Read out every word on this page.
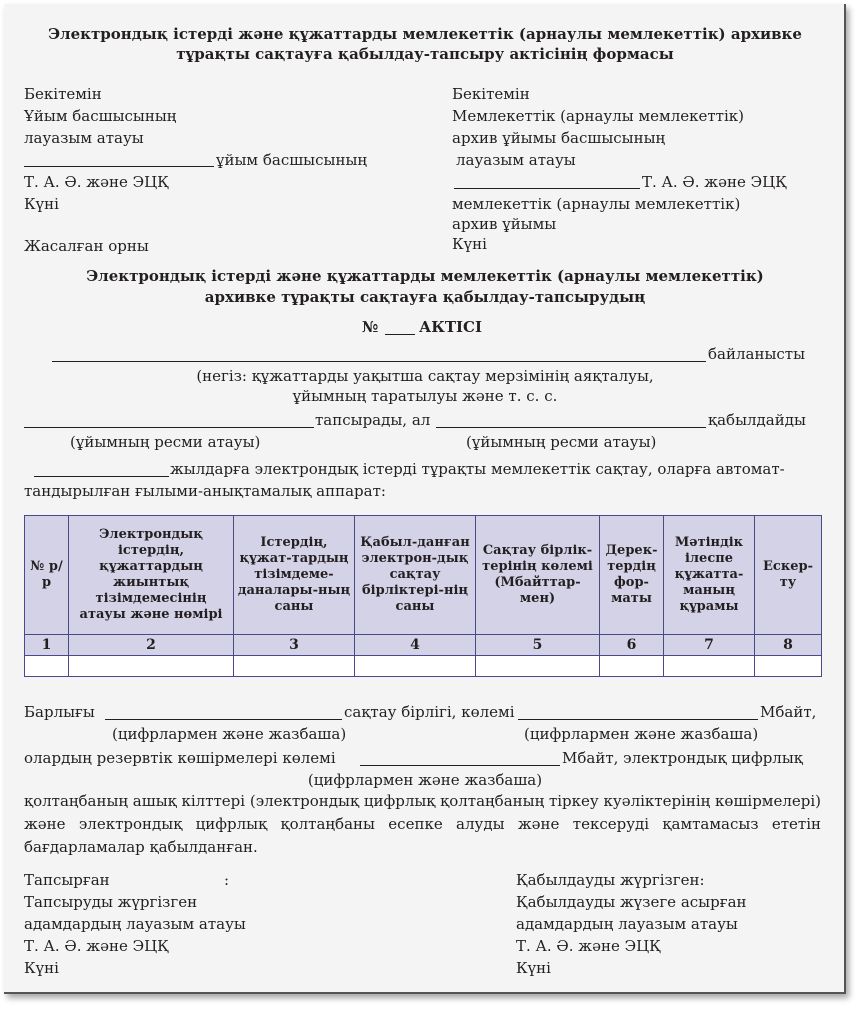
Электрондық істерді және құжаттарды мемлекеттік (арнаулы мемлекеттік) архивке
тұрақты сақтауға қабылдау-тапсыру актісінің формасы
Бекітемін
Ұйым басшысының
лауазым атауы
ұйым басшысының
Т. А. Ә. және ЭЦҚ
Күні
Жасалған орны
Бекітемін
Мемлекеттік (арнаулы мемлекеттік)
архив ұйымы басшысының
лауазым атауы
Т. А. Ә. және ЭЦҚ
мемлекеттік (арнаулы мемлекеттік)
архив ұйымы
Күні
Электрондық істерді және құжаттарды мемлекеттік (арнаулы мемлекеттік)
архивке тұрақты сақтауға қабылдау-тапсырудың
№	АКТІСІ
байланысты
(негіз: құжаттарды уақытша сақтау мерзімінің аяқталуы,
ұйымның таратылуы және т. с. с.
тапсырады, ал	қабылдайды
(ұйымның ресми атауы)	(ұйымның ресми атауы)
жылдарға электрондық істерді тұрақты мемлекеттік сақтау, оларға автомат-
тандырылған ғылыми-анықтамалық аппарат:
№ р/р	Электрондық істердің, құжаттардың жиынтық тізімдемесінің атауы және нөмірі	Істердің, құжат-тардың тізімдеме-даналары-ның саны	Қабыл-данған электрон-дық сақтау бірліктері-нің саны	Сақтау бірлік-терінің көлемі (Мбайттар-мен)	Дерек-тердің фор-маты	Мәтіндік ілеспе құжатта-маның құрамы	Ескер-ту
1	2	3	4	5	6	7	8

Барлығы	сақтау бірлігі, көлемі	Мбайт,
(цифрлармен және жазбаша)	(цифрлармен және жазбаша)
олардың резервтік көшірмелері көлемі	Мбайт, электрондық цифрлық
(цифрлармен және жазбаша)
қолтаңбаның ашық кілттері (электрондық цифрлық қолтаңбаның тіркеу куәліктерінің көшірмелері) және электрондық цифрлық қолтаңбаны есепке алуды және тексеруді қамтамасыз ететін бағдарламалар қабылданған.
Тапсырған	:
Тапсыруды жүргізген
адамдардың лауазым атауы
Т. А. Ә. және ЭЦҚ
Күні
Қабылдауды жүргізген:
Қабылдауды жүзеге асырған
адамдардың лауазым атауы
Т. А. Ә. және ЭЦҚ
Күні
